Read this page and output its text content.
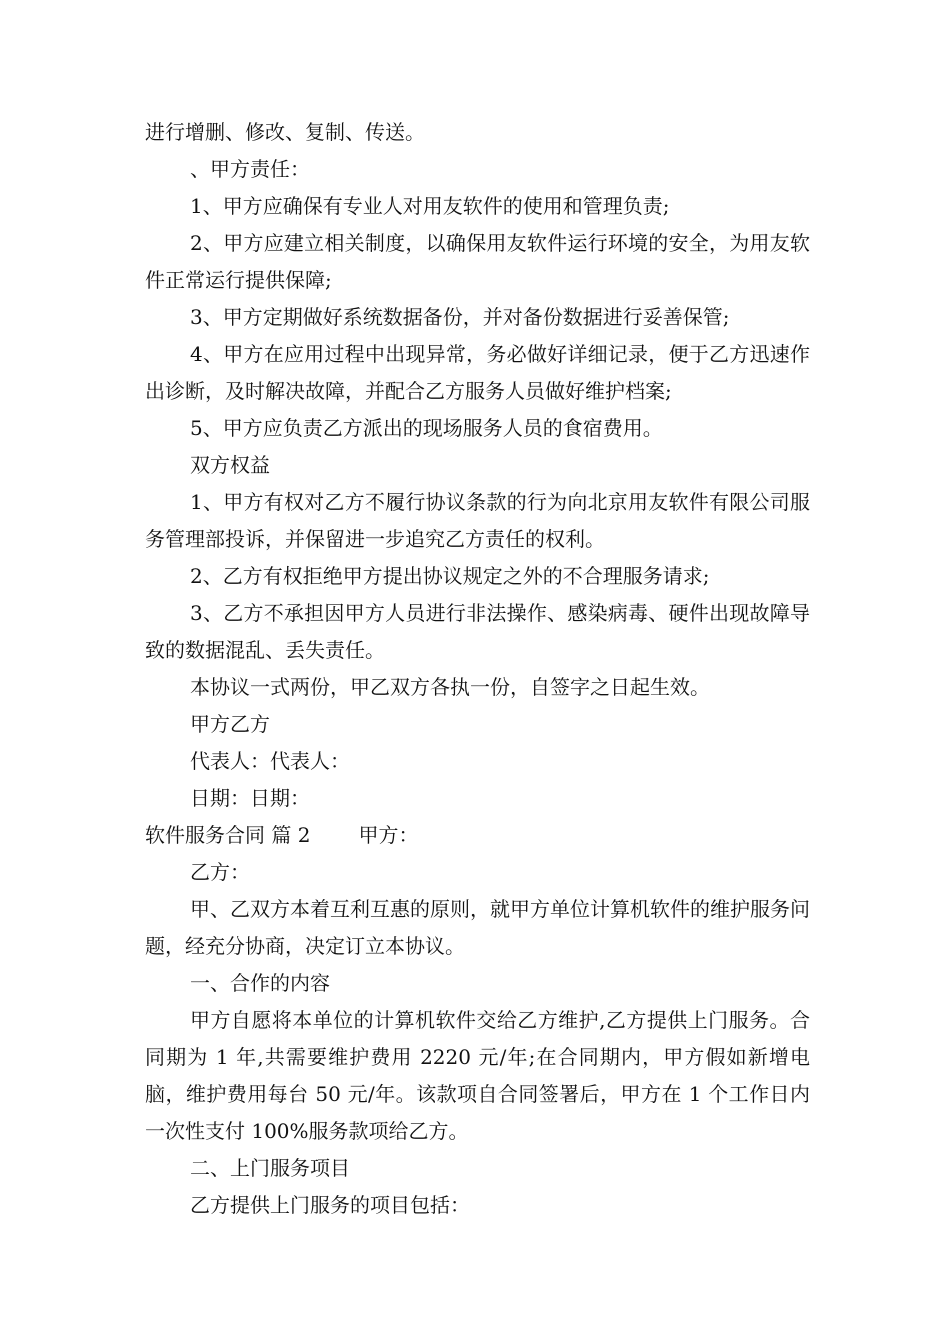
进行增删、修改、复制、传送。

、甲方责任：

1、甲方应确保有专业人对用友软件的使用和管理负责;

2、甲方应建立相关制度，以确保用友软件运行环境的安全，为用友软件正常运行提供保障;

3、甲方定期做好系统数据备份，并对备份数据进行妥善保管;

4、甲方在应用过程中出现异常，务必做好详细记录，便于乙方迅速作出诊断，及时解决故障，并配合乙方服务人员做好维护档案;

5、甲方应负责乙方派出的现场服务人员的食宿费用。

双方权益

1、甲方有权对乙方不履行协议条款的行为向北京用友软件有限公司服务管理部投诉，并保留进一步追究乙方责任的权利。

2、乙方有权拒绝甲方提出协议规定之外的不合理服务请求;

3、乙方不承担因甲方人员进行非法操作、感染病毒、硬件出现故障导致的数据混乱、丢失责任。

本协议一式两份，甲乙双方各执一份，自签字之日起生效。

甲方乙方

代表人：代表人：

日期：日期：

软件服务合同 篇 2 甲方：

乙方：

甲、乙双方本着互利互惠的原则，就甲方单位计算机软件的维护服务问题，经充分协商，决定订立本协议。

一、合作的内容

甲方自愿将本单位的计算机软件交给乙方维护,乙方提供上门服务。合同期为 1 年,共需要维护费用 2220 元/年;在合同期内，甲方假如新增电脑，维护费用每台 50 元/年。该款项自合同签署后，甲方在 1 个工作日内一次性支付 100%服务款项给乙方。

二、上门服务项目

乙方提供上门服务的项目包括：
